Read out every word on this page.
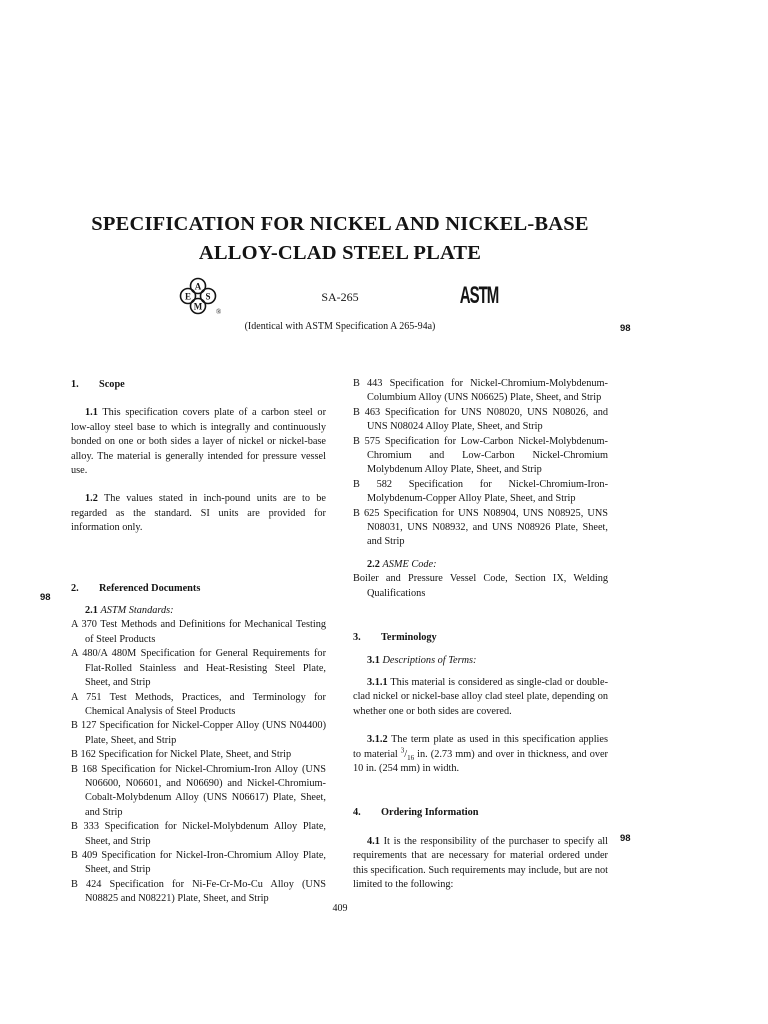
SPECIFICATION FOR NICKEL AND NICKEL-BASE
ALLOY-CLAD STEEL PLATE
A
S
M
E
®
SA-265	ASTM
(Identical with ASTM Specification A 265-94a)	98
98
98

1. Scope

1.1 This specification covers plate of a carbon steel or low-alloy steel base to which is integrally and continuously bonded on one or both sides a layer of nickel or nickel-base alloy. The material is generally intended for pressure vessel use.

1.2 The values stated in inch-pound units are to be regarded as the standard. SI units are provided for information only.

2. Referenced Documents

2.1 ASTM Standards:

A 370 Test Methods and Definitions for Mechanical Testing of Steel Products

A 480/A 480M Specification for General Requirements for Flat-Rolled Stainless and Heat-Resisting Steel Plate, Sheet, and Strip

A 751 Test Methods, Practices, and Terminology for Chemical Analysis of Steel Products

B 127 Specification for Nickel-Copper Alloy (UNS N04400) Plate, Sheet, and Strip

B 162 Specification for Nickel Plate, Sheet, and Strip

B 168 Specification for Nickel-Chromium-Iron Alloy (UNS N06600, N06601, and N06690) and Nickel-Chromium-Cobalt-Molybdenum Alloy (UNS N06617) Plate, Sheet, and Strip

B 333 Specification for Nickel-Molybdenum Alloy Plate, Sheet, and Strip

B 409 Specification for Nickel-Iron-Chromium Alloy Plate, Sheet, and Strip

B 424 Specification for Ni-Fe-Cr-Mo-Cu Alloy (UNS N08825 and N08221) Plate, Sheet, and Strip

B 443 Specification for Nickel-Chromium-Molybdenum-Columbium Alloy (UNS N06625) Plate, Sheet, and Strip

B 463 Specification for UNS N08020, UNS N08026, and UNS N08024 Alloy Plate, Sheet, and Strip

B 575 Specification for Low-Carbon Nickel-Molybdenum-Chromium and Low-Carbon Nickel-Chromium Molybdenum Alloy Plate, Sheet, and Strip

B 582 Specification for Nickel-Chromium-Iron-Molybdenum-Copper Alloy Plate, Sheet, and Strip

B 625 Specification for UNS N08904, UNS N08925, UNS N08031, UNS N08932, and UNS N08926 Plate, Sheet, and Strip

2.2 ASME Code:

Boiler and Pressure Vessel Code, Section IX, Welding Qualifications

3. Terminology

3.1 Descriptions of Terms:

3.1.1 This material is considered as single-clad or double-clad nickel or nickel-base alloy clad steel plate, depending on whether one or both sides are covered.

3.1.2 The term plate as used in this specification applies to material $^3/_{16}$ in. (2.73 mm) and over in thickness, and over 10 in. (254 mm) in width.

4. Ordering Information

4.1 It is the responsibility of the purchaser to specify all requirements that are necessary for material ordered under this specification. Such requirements may include, but are not limited to the following:

409
